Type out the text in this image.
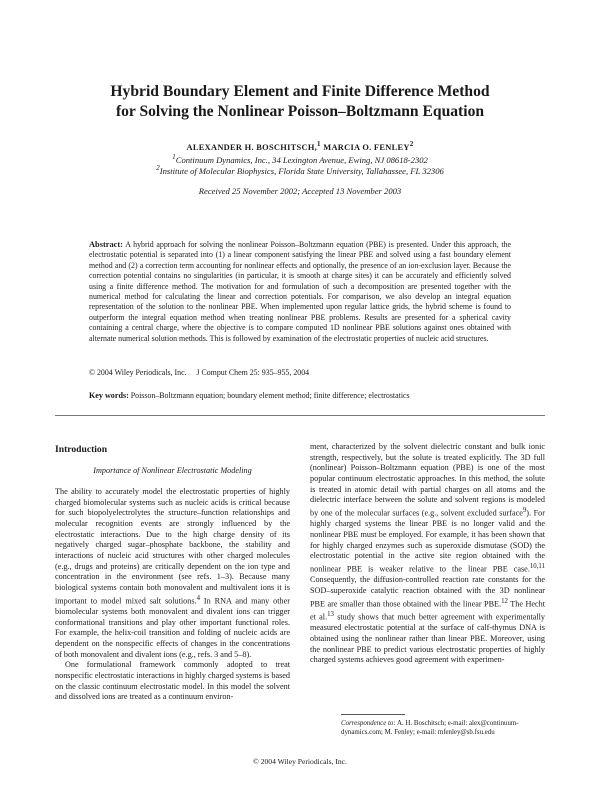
Hybrid Boundary Element and Finite Difference Method
for Solving the Nonlinear Poisson–Boltzmann Equation
ALEXANDER H. BOSCHITSCH,$^1$ MARCIA O. FENLEY$^2$
$^1$Continuum Dynamics, Inc., 34 Lexington Avenue, Ewing, NJ 08618-2302
$^2$Institute of Molecular Biophysics, Florida State University, Tallahassee, FL 32306
Received 25 November 2002; Accepted 13 November 2003
Abstract: A hybrid approach for solving the nonlinear Poisson–Boltzmann equation (PBE) is presented. Under this approach, the electrostatic potential is separated into (1) a linear component satisfying the linear PBE and solved using a fast boundary element method and (2) a correction term accounting for nonlinear effects and optionally, the presence of an ion-exclusion layer. Because the correction potential contains no singularities (in particular, it is smooth at charge sites) it can be accurately and efficiently solved using a finite difference method. The motivation for and formulation of such a decomposition are presented together with the numerical method for calculating the linear and correction potentials. For comparison, we also develop an integral equation representation of the solution to the nonlinear PBE. When implemented upon regular lattice grids, the hybrid scheme is found to outperform the integral equation method when treating nonlinear PBE problems. Results are presented for a spherical cavity containing a central charge, where the objective is to compare computed 1D nonlinear PBE solutions against ones obtained with alternate numerical solution methods. This is followed by examination of the electrostatic properties of nucleic acid structures.
© 2004 Wiley Periodicals, Inc.     J Comput Chem 25: 935–955, 2004
Key words: Poisson–Boltzmann equation; boundary element method; finite difference; electrostatics
Introduction
Importance of Nonlinear Electrostatic Modeling

The ability to accurately model the electrostatic properties of highly charged biomolecular systems such as nucleic acids is critical because for such biopolyelectrolytes the structure–function relationships and molecular recognition events are strongly influenced by the electrostatic interactions. Due to the high charge density of its negatively charged sugar–phosphate backbone, the stability and interactions of nucleic acid structures with other charged molecules (e.g., drugs and proteins) are critically dependent on the ion type and concentration in the environment (see refs. 1–3). Because many biological systems contain both monovalent and multivalent ions it is important to model mixed salt solutions.$^4$ In RNA and many other biomolecular systems both monovalent and divalent ions can trigger conformational transitions and play other important functional roles. For example, the helix-coil transition and folding of nucleic acids are dependent on the nonspecific effects of changes in the concentrations of both monovalent and divalent ions (e.g., refs. 3 and 5–8).

One formulational framework commonly adopted to treat nonspecific electrostatic interactions in highly charged systems is based on the classic continuum electrostatic model. In this model the solvent and dissolved ions are treated as a continuum environ-

ment, characterized by the solvent dielectric constant and bulk ionic strength, respectively, but the solute is treated explicitly. The 3D full (nonlinear) Poisson–Boltzmann equation (PBE) is one of the most popular continuum electrostatic approaches. In this method, the solute is treated in atomic detail with partial charges on all atoms and the dielectric interface between the solute and solvent regions is modeled by one of the molecular surfaces (e.g., solvent excluded surface$^9$). For highly charged systems the linear PBE is no longer valid and the nonlinear PBE must be employed. For example, it has been shown that for highly charged enzymes such as superoxide dismutase (SOD) the electrostatic potential in the active site region obtained with the nonlinear PBE is weaker relative to the linear PBE case.$^{10,11}$ Consequently, the diffusion-controlled reaction rate constants for the SOD–superoxide catalytic reaction obtained with the 3D nonlinear PBE are smaller than those obtained with the linear PBE.$^{12}$ The Hecht et al.$^{13}$ study shows that much better agreement with experimentally measured electrostatic potential at the surface of calf-thymus DNA is obtained using the nonlinear rather than linear PBE. Moreover, using the nonlinear PBE to predict various electrostatic properties of highly charged systems achieves good agreement with experimen-

Correspondence to: A. H. Boschitsch; e-mail: alex@continuum-dynamics.com; M. Fenley; e-mail: mfenley@sb.fsu.edu
© 2004 Wiley Periodicals, Inc.
